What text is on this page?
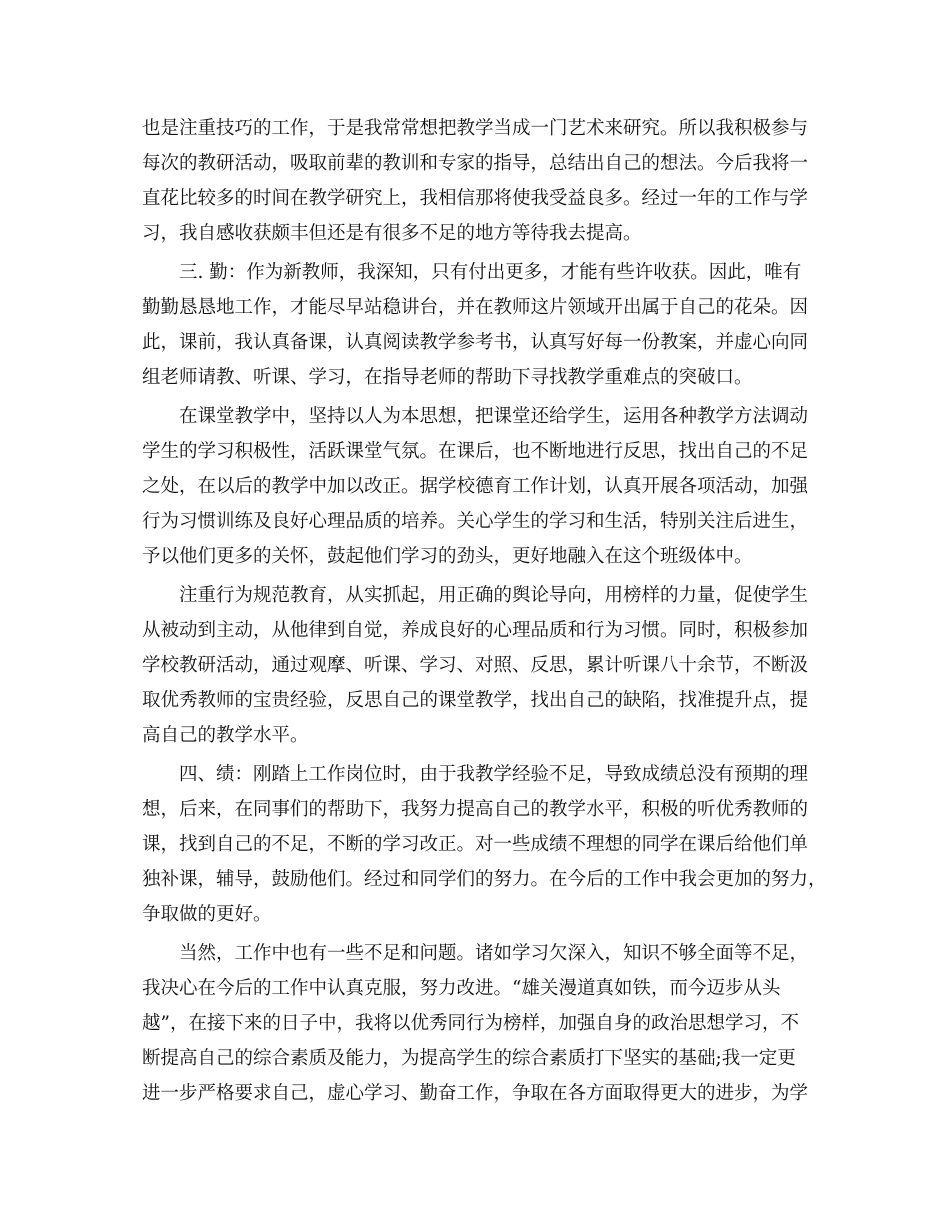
也是注重技巧的工作，于是我常常想把教学当成一门艺术来研究。所以我积极参与
每次的教研活动，吸取前辈的教训和专家的指导，总结出自己的想法。今后我将一
直花比较多的时间在教学研究上，我相信那将使我受益良多。经过一年的工作与学
习，我自感收获颇丰但还是有很多不足的地方等待我去提高。
三. 勤：作为新教师，我深知，只有付出更多，才能有些许收获。因此，唯有
勤勤恳恳地工作，才能尽早站稳讲台，并在教师这片领域开出属于自己的花朵。因
此，课前，我认真备课，认真阅读教学参考书，认真写好每一份教案，并虚心向同
组老师请教、听课、学习，在指导老师的帮助下寻找教学重难点的突破口。
在课堂教学中，坚持以人为本思想，把课堂还给学生，运用各种教学方法调动
学生的学习积极性，活跃课堂气氛。在课后，也不断地进行反思，找出自己的不足
之处，在以后的教学中加以改正。据学校德育工作计划，认真开展各项活动，加强
行为习惯训练及良好心理品质的培养。关心学生的学习和生活，特别关注后进生，
予以他们更多的关怀，鼓起他们学习的劲头，更好地融入在这个班级体中。
注重行为规范教育，从实抓起，用正确的舆论导向，用榜样的力量，促使学生
从被动到主动，从他律到自觉，养成良好的心理品质和行为习惯。同时，积极参加
学校教研活动，通过观摩、听课、学习、对照、反思，累计听课八十余节，不断汲
取优秀教师的宝贵经验，反思自己的课堂教学，找出自己的缺陷，找准提升点，提
高自己的教学水平。
四、绩：刚踏上工作岗位时，由于我教学经验不足，导致成绩总没有预期的理
想，后来，在同事们的帮助下，我努力提高自己的教学水平，积极的听优秀教师的
课，找到自己的不足，不断的学习改正。对一些成绩不理想的同学在课后给他们单
独补课，辅导，鼓励他们。经过和同学们的努力。在今后的工作中我会更加的努力，
争取做的更好。
当然，工作中也有一些不足和问题。诸如学习欠深入，知识不够全面等不足，
我决心在今后的工作中认真克服，努力改进。“雄关漫道真如铁，而今迈步从头
越”，在接下来的日子中，我将以优秀同行为榜样，加强自身的政治思想学习，不
断提高自己的综合素质及能力，为提高学生的综合素质打下坚实的基础;我一定更
进一步严格要求自己，虚心学习、勤奋工作，争取在各方面取得更大的进步，为学
